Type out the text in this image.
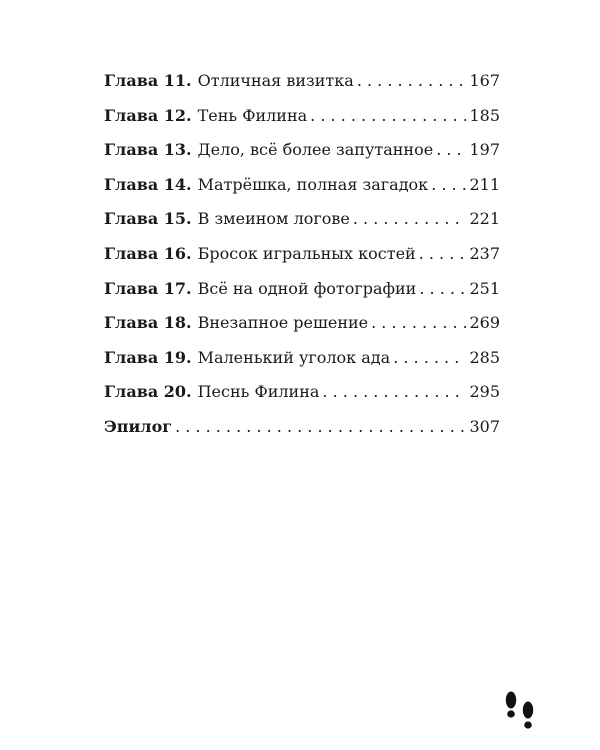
Глава 11. Отличная визитка . . .	167
Глава 12. Тень Филина . . .	185
Глава 13. Дело, всё более запутанное . . . 197
Глава 14. Матрёшка, полная загадок . . .	211
Глава 15. В змеином логове . . .	221
Глава 16. Бросок игральных костей . . .	237
Глава 17. Всё на одной фотографии . . .	251
Глава 18. Внезапное решение . . .	269
Глава 19. Маленький уголок ада . . .	285
Глава 20. Песнь Филина . . .	295
Эпилог . . .	307
